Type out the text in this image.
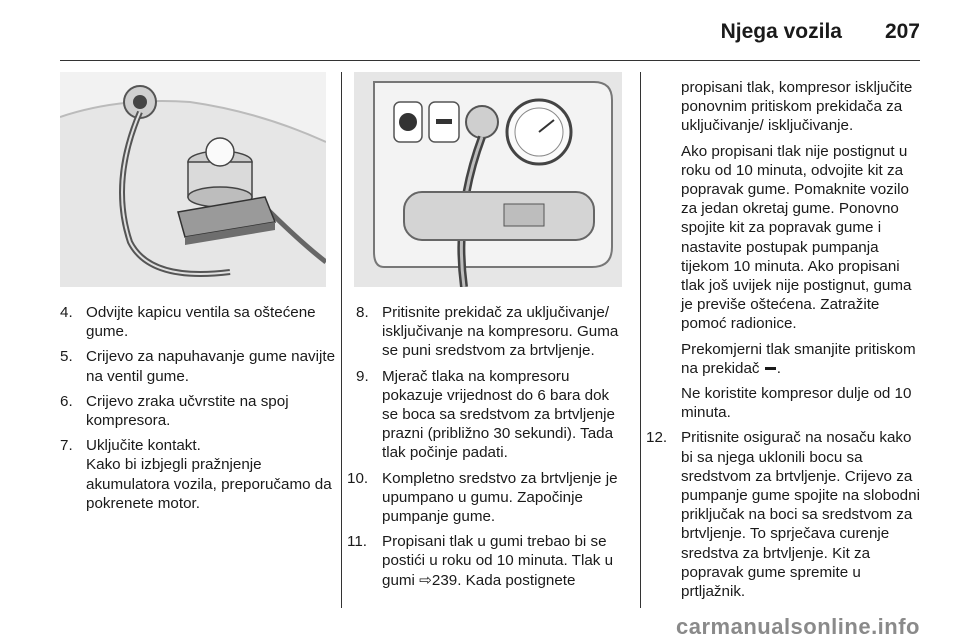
Njega vozila 207
4. Odvijte kapicu ventila sa oštećene gume.
5. Crijevo za napuhavanje gume navijte na ventil gume.
6. Crijevo zraka učvrstite na spoj kompresora.
7. Uključite kontakt.

Kako bi izbjegli pražnjenje akumulatora vozila, preporučamo da pokrenete motor.

8. Pritisnite prekidač za uključivanje/ isključivanje na kompresoru. Guma se puni sredstvom za brtvljenje.
9. Mjerač tlaka na kompresoru pokazuje vrijednost do 6 bara dok se boca sa sredstvom za brtvljenje prazni (približno 30 sekundi). Tada tlak počinje padati.
10. Kompletno sredstvo za brtvljenje je upumpano u gumu. Započinje pumpanje gume.
11. Propisani tlak u gumi trebao bi se postići u roku od 10 minuta. Tlak u gumi ⇨239. Kada postignete

propisani tlak, kompresor isključite ponovnim pritiskom prekidača za uključivanje/ isključivanje.

Ako propisani tlak nije postignut u roku od 10 minuta, odvojite kit za popravak gume. Pomaknite vozilo za jedan okretaj gume. Ponovno spojite kit za popravak gume i nastavite postupak pumpanja tijekom 10 minuta. Ako propisani tlak još uvijek nije postignut, guma je previše oštećena. Zatražite pomoć radionice.

Prekomjerni tlak smanjite pritiskom na prekidač .

Ne koristite kompresor dulje od 10 minuta.

12. Pritisnite osigurač na nosaču kako bi sa njega uklonili bocu sa sredstvom za brtvljenje. Crijevo za pumpanje gume spojite na slobodni priključak na boci sa sredstvom za brtvljenje. To sprječava curenje sredstva za brtvljenje. Kit za popravak gume spremite u prtljažnik.
carmanualsonline.info
